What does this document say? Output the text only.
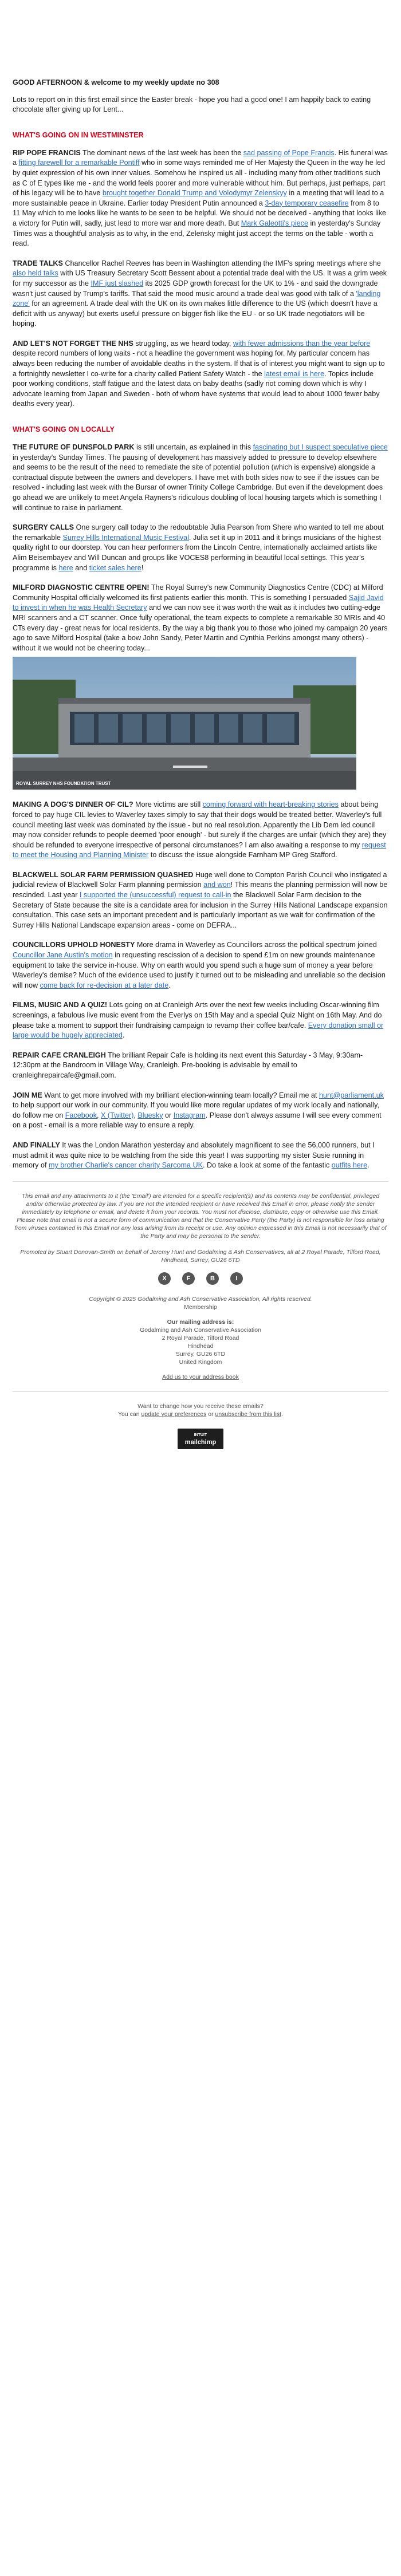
GOOD AFTERNOON & welcome to my weekly update no 308

Lots to report on in this first email since the Easter break - hope you had a good one! I am happily back to eating chocolate after giving up for Lent...

WHAT'S GOING ON IN WESTMINSTER

RIP POPE FRANCIS The dominant news of the last week has been the sad passing of Pope Francis. His funeral was a fitting farewell for a remarkable Pontiff who in some ways reminded me of Her Majesty the Queen in the way he led by quiet expression of his own inner values. Somehow he inspired us all - including many from other traditions such as C of E types like me - and the world feels poorer and more vulnerable without him. But perhaps, just perhaps, part of his legacy will be to have brought together Donald Trump and Volodymyr Zelenskyy in a meeting that will lead to a more sustainable peace in Ukraine. Earlier today President Putin announced a 3-day temporary ceasefire from 8 to 11 May which to me looks like he wants to be seen to be helpful. We should not be deceived - anything that looks like a victory for Putin will, sadly, just lead to more war and more death. But Mark Galeotti's piece in yesterday's Sunday Times was a thoughtful analysis as to why, in the end, Zelensky might just accept the terms on the table - worth a read.

TRADE TALKS Chancellor Rachel Reeves has been in Washington attending the IMF's spring meetings where she also held talks with US Treasury Secretary Scott Bessent about a potential trade deal with the US. It was a grim week for my successor as the IMF just slashed its 2025 GDP growth forecast for the UK to 1% - and said the downgrade wasn't just caused by Trump's tariffs. That said the mood music around a trade deal was good with talk of a 'landing zone' for an agreement. A trade deal with the UK on its own makes little difference to the US (which doesn't have a deficit with us anyway) but exerts useful pressure on bigger fish like the EU - or so UK trade negotiators will be hoping.

AND LET'S NOT FORGET THE NHS struggling, as we heard today, with fewer admissions than the year before despite record numbers of long waits - not a headline the government was hoping for. My particular concern has always been reducing the number of avoidable deaths in the system. If that is of interest you might want to sign up to a fortnightly newsletter I co-write for a charity called Patient Safety Watch - the latest email is here. Topics include poor working conditions, staff fatigue and the latest data on baby deaths (sadly not coming down which is why I advocate learning from Japan and Sweden - both of whom have systems that would lead to about 1000 fewer baby deaths every year).

WHAT'S GOING ON LOCALLY

THE FUTURE OF DUNSFOLD PARK is still uncertain, as explained in this fascinating but I suspect speculative piece in yesterday's Sunday Times. The pausing of development has massively added to pressure to develop elsewhere and seems to be the result of the need to remediate the site of potential pollution (which is expensive) alongside a contractual dispute between the owners and developers. I have met with both sides now to see if the issues can be resolved - including last week with the Bursar of owner Trinity College Cambridge. But even if the development does go ahead we are unlikely to meet Angela Rayners's ridiculous doubling of local housing targets which is something I will continue to raise in parliament.

SURGERY CALLS One surgery call today to the redoubtable Julia Pearson from Shere who wanted to tell me about the remarkable Surrey Hills International Music Festival. Julia set it up in 2011 and it brings musicians of the highest quality right to our doorstep. You can hear performers from the Lincoln Centre, internationally acclaimed artists like Alim Beisembayev and Will Duncan and groups like VOCES8 performing in beautiful local settings. This year's programme is here and ticket sales here!

MILFORD DIAGNOSTIC CENTRE OPEN! The Royal Surrey's new Community Diagnostics Centre (CDC) at Milford Community Hospital officially welcomed its first patients earlier this month. This is something I persuaded Sajid Javid to invest in when he was Health Secretary and we can now see it was worth the wait as it includes two cutting-edge MRI scanners and a CT scanner. Once fully operational, the team expects to complete a remarkable 30 MRIs and 40 CTs every day - great news for local residents. By the way a big thank you to those who joined my campaign 20 years ago to save Milford Hospital (take a bow John Sandy, Peter Martin and Cynthia Perkins amongst many others) - without it we would not be cheering today...

ROYAL SURREY NHS FOUNDATION TRUST

MAKING A DOG'S DINNER OF CIL? More victims are still coming forward with heart-breaking stories about being forced to pay huge CIL levies to Waverley taxes simply to say that their dogs would be treated better. Waverley's full council meeting last week was dominated by the issue - but no real resolution. Apparently the Lib Dem led council may now consider refunds to people deemed 'poor enough' - but surely if the charges are unfair (which they are) they should be refunded to everyone irrespective of personal circumstances? I am also awaiting a response to my request to meet the Housing and Planning Minister to discuss the issue alongside Farnham MP Greg Stafford.

BLACKWELL SOLAR FARM PERMISSION QUASHED Huge well done to Compton Parish Council who instigated a judicial review of Blackwell Solar Farm planning permission and won! This means the planning permission will now be rescinded. Last year I supported the (unsuccessful) request to call-in the Blackwell Solar Farm decision to the Secretary of State because the site is a candidate area for inclusion in the Surrey Hills National Landscape expansion consultation. This case sets an important precedent and is particularly important as we wait for confirmation of the Surrey Hills National Landscape expansion areas - come on DEFRA...

COUNCILLORS UPHOLD HONESTY More drama in Waverley as Councillors across the political spectrum joined Councillor Jane Austin's motion in requesting rescission of a decision to spend £1m on new grounds maintenance equipment to take the service in-house. Why on earth would you spend such a huge sum of money a year before Waverley's demise? Much of the evidence used to justify it turned out to be misleading and unreliable so the decision will now come back for re-decision at a later date.

FILMS, MUSIC AND A QUIZ! Lots going on at Cranleigh Arts over the next few weeks including Oscar-winning film screenings, a fabulous live music event from the Everlys on 15th May and a special Quiz Night on 16th May. And do please take a moment to support their fundraising campaign to revamp their coffee bar/cafe. Every donation small or large would be hugely appreciated.

REPAIR CAFE CRANLEIGH The brilliant Repair Cafe is holding its next event this Saturday - 3 May, 9:30am-12:30pm at the Bandroom in Village Way, Cranleigh. Pre-booking is advisable by email to cranleighrepaircafe@gmail.com.

JOIN ME Want to get more involved with my brilliant election-winning team locally? Email me at hunt@parliament.uk to help support our work in our community. If you would like more regular updates of my work locally and nationally, do follow me on Facebook, X (Twitter), Bluesky or Instagram. Please don't always assume I will see every comment on a post - email is a more reliable way to ensure a reply.

AND FINALLY It was the London Marathon yesterday and absolutely magnificent to see the 56,000 runners, but I must admit it was quite nice to be watching from the side this year! I was supporting my sister Susie running in memory of my brother Charlie's cancer charity Sarcoma UK. Do take a look at some of the fantastic outfits here.

This email and any attachments to it (the 'Email') are intended for a specific recipient(s) and its contents may be confidential, privileged and/or otherwise protected by law. If you are not the intended recipient or have received this Email in error, please notify the sender immediately by telephone or email, and delete it from your records. You must not disclose, distribute, copy or otherwise use this Email. Please note that email is not a secure form of communication and that the Conservative Party (the Party) is not responsible for loss arising from viruses contained in this Email nor any loss arising from its receipt or use. Any opinion expressed in this Email is not necessarily that of the Party and may be personal to the sender.

Promoted by Stuart Donovan-Smith on behalf of Jeremy Hunt and Godalming & Ash Conservatives, all at 2 Royal Parade, Tilford Road, Hindhead, Surrey, GU26 6TD

X	F	B	I

Copyright © 2025 Godalming and Ash Conservative Association, All rights reserved.

Membership

Our mailing address is:

Godalming and Ash Conservative Association

2 Royal Parade, Tilford Road

Hindhead

Surrey, GU26 6TD

United Kingdom

Add us to your address book

Want to change how you receive these emails?

You can update your preferences or unsubscribe from this list.

INTUIT
mailchimp
